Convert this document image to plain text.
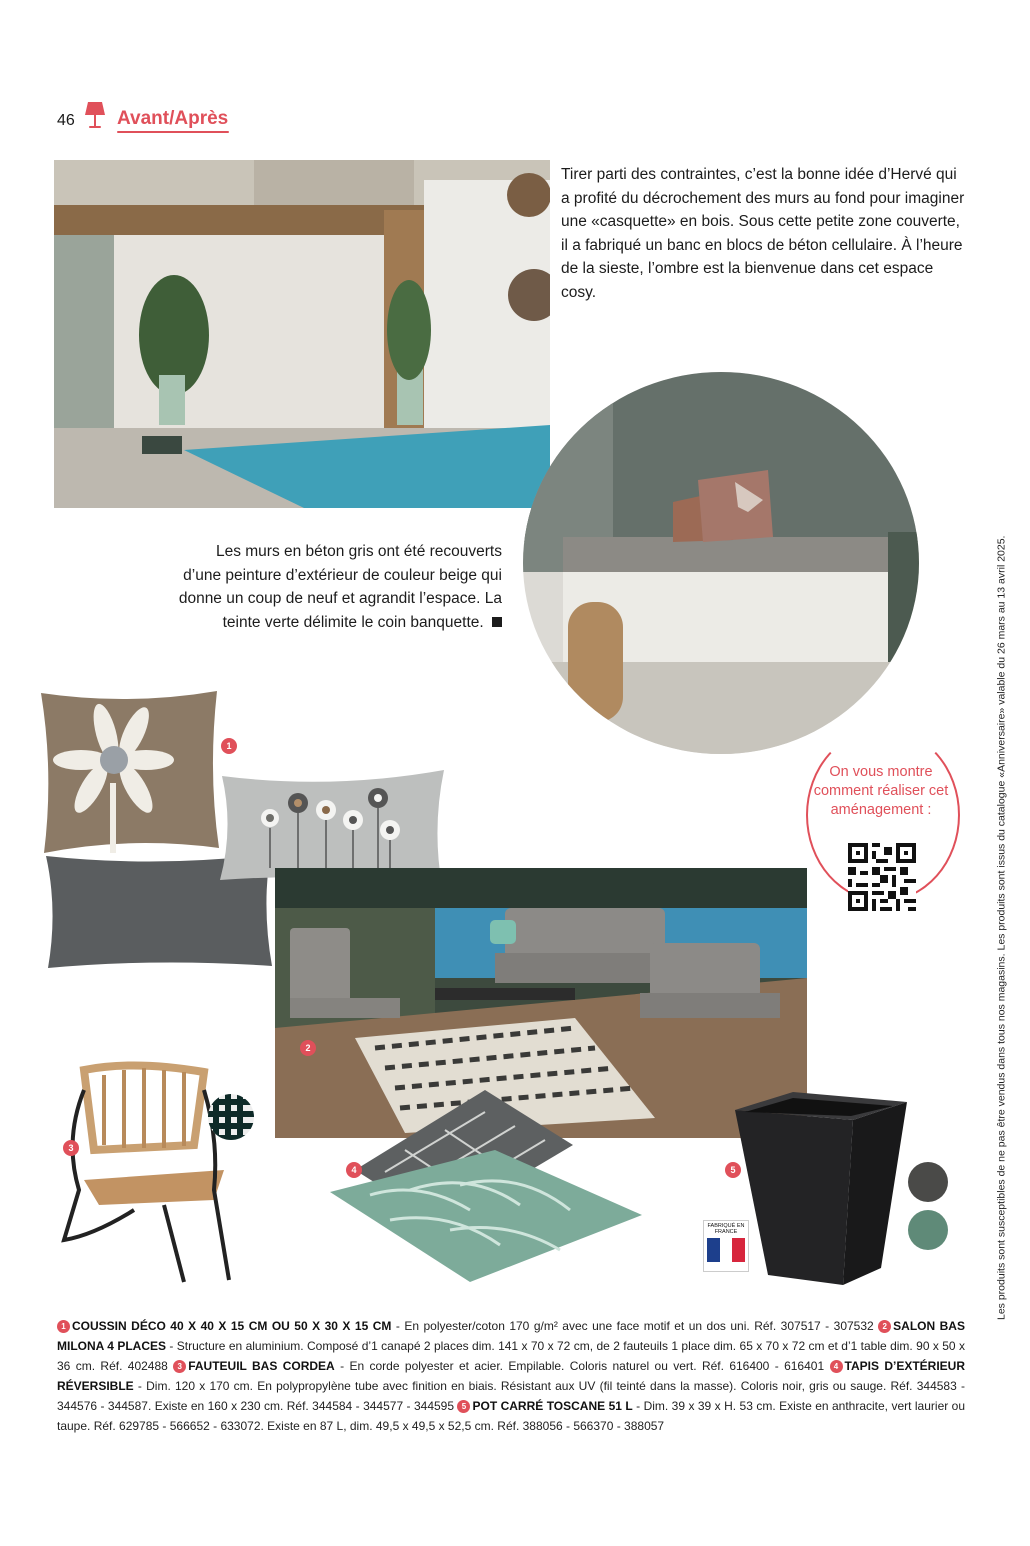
46 Avant/Après
Tirer parti des contraintes, c’est la bonne idée d’Hervé qui a profité du décrochement des murs au fond pour imaginer une «casquette» en bois. Sous cette petite zone couverte, il a fabriqué un banc en blocs de béton cellulaire. À l’heure de la sieste, l’ombre est la bienvenue dans cet espace cosy.
Les murs en béton gris ont été recouverts d’une peinture d’extérieur de couleur beige qui donne un coup de neuf et agrandit l’espace. La teinte verte délimite le coin banquette.
On vous montre comment réaliser cet aménagement :
1
2
3
4	5
FABRIQUÉ EN FRANCE
1 COUSSIN DÉCO 40 X 40 X 15 CM OU 50 X 30 X 15 CM - En polyester/coton 170 g/m² avec une face motif et un dos uni. Réf. 307517 - 307532 2 SALON BAS MILONA 4 PLACES - Structure en aluminium. Composé d’1 canapé 2 places dim. 141 x 70 x 72 cm, de 2 fauteuils 1 place dim. 65 x 70 x 72 cm et d’1 table dim. 90 x 50 x 36 cm. Réf. 402488 3 FAUTEUIL BAS CORDEA - En corde polyester et acier. Empilable. Coloris naturel ou vert. Réf. 616400 - 616401 4 TAPIS D’EXTÉRIEUR RÉVERSIBLE - Dim. 120 x 170 cm. En polypropylène tube avec finition en biais. Résistant aux UV (fil teinté dans la masse). Coloris noir, gris ou sauge. Réf. 344583 - 344576 - 344587. Existe en 160 x 230 cm. Réf. 344584 - 344577 - 344595 5 POT CARRÉ TOSCANE 51 L - Dim. 39 x 39 x H. 53 cm. Existe en anthracite, vert laurier ou taupe. Réf. 629785 - 566652 - 633072. Existe en 87 L, dim. 49,5 x 49,5 x 52,5 cm. Réf. 388056 - 566370 - 388057
Les produits sont susceptibles de ne pas être vendus dans tous nos magasins. Les produits sont issus du catalogue «Anniversaire» valable du 26 mars au 13 avril 2025.
